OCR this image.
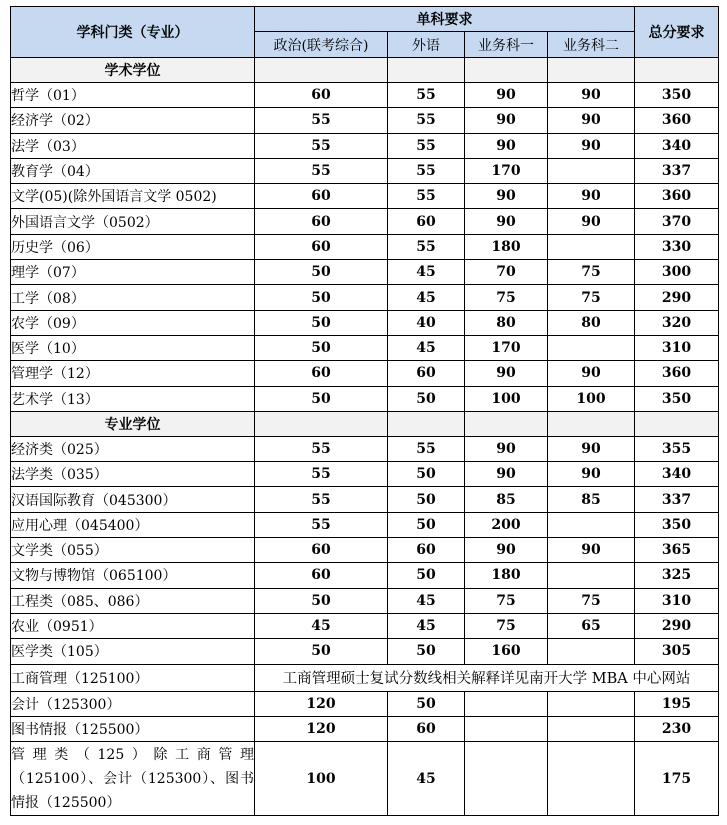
学科门类（专业）	单科要求				总分要求
	政治(联考综合)	外语	业务科一	业务科二	
学术学位					
哲学（01）	60	55	90	90	350
经济学（02）	55	55	90	90	360
法学（03）	55	55	90	90	340
教育学（04）	55	55	170		337
文学(05)(除外国语言文学 0502)	60	55	90	90	360
外国语言文学（0502）	60	60	90	90	370
历史学（06）	60	55	180		330
理学（07）	50	45	70	75	300
工学（08）	50	45	75	75	290
农学（09）	50	40	80	80	320
医学（10）	50	45	170		310
管理学（12）	60	60	90	90	360
艺术学（13）	50	50	100	100	350
专业学位					
经济类（025）	55	55	90	90	355
法学类（035）	55	50	90	90	340
汉语国际教育（045300）	55	50	85	85	337
应用心理（045400）	55	50	200		350
文学类（055）	60	60	90	90	365
文物与博物馆（065100）	60	50	180		325
工程类（085、086）	50	45	75	75	310
农业（0951）	45	45	75	65	290
医学类（105）	50	50	160		305
工商管理（125100）	工商管理硕士复试分数线相关解释详见南开大学 MBA 中心网站				
会计（125300）	120	50			195
图书情报（125500）	120	60			230
管理类（125）除工商管理（125100）、会计（125300）、图书情报（125500）	100	45			175
